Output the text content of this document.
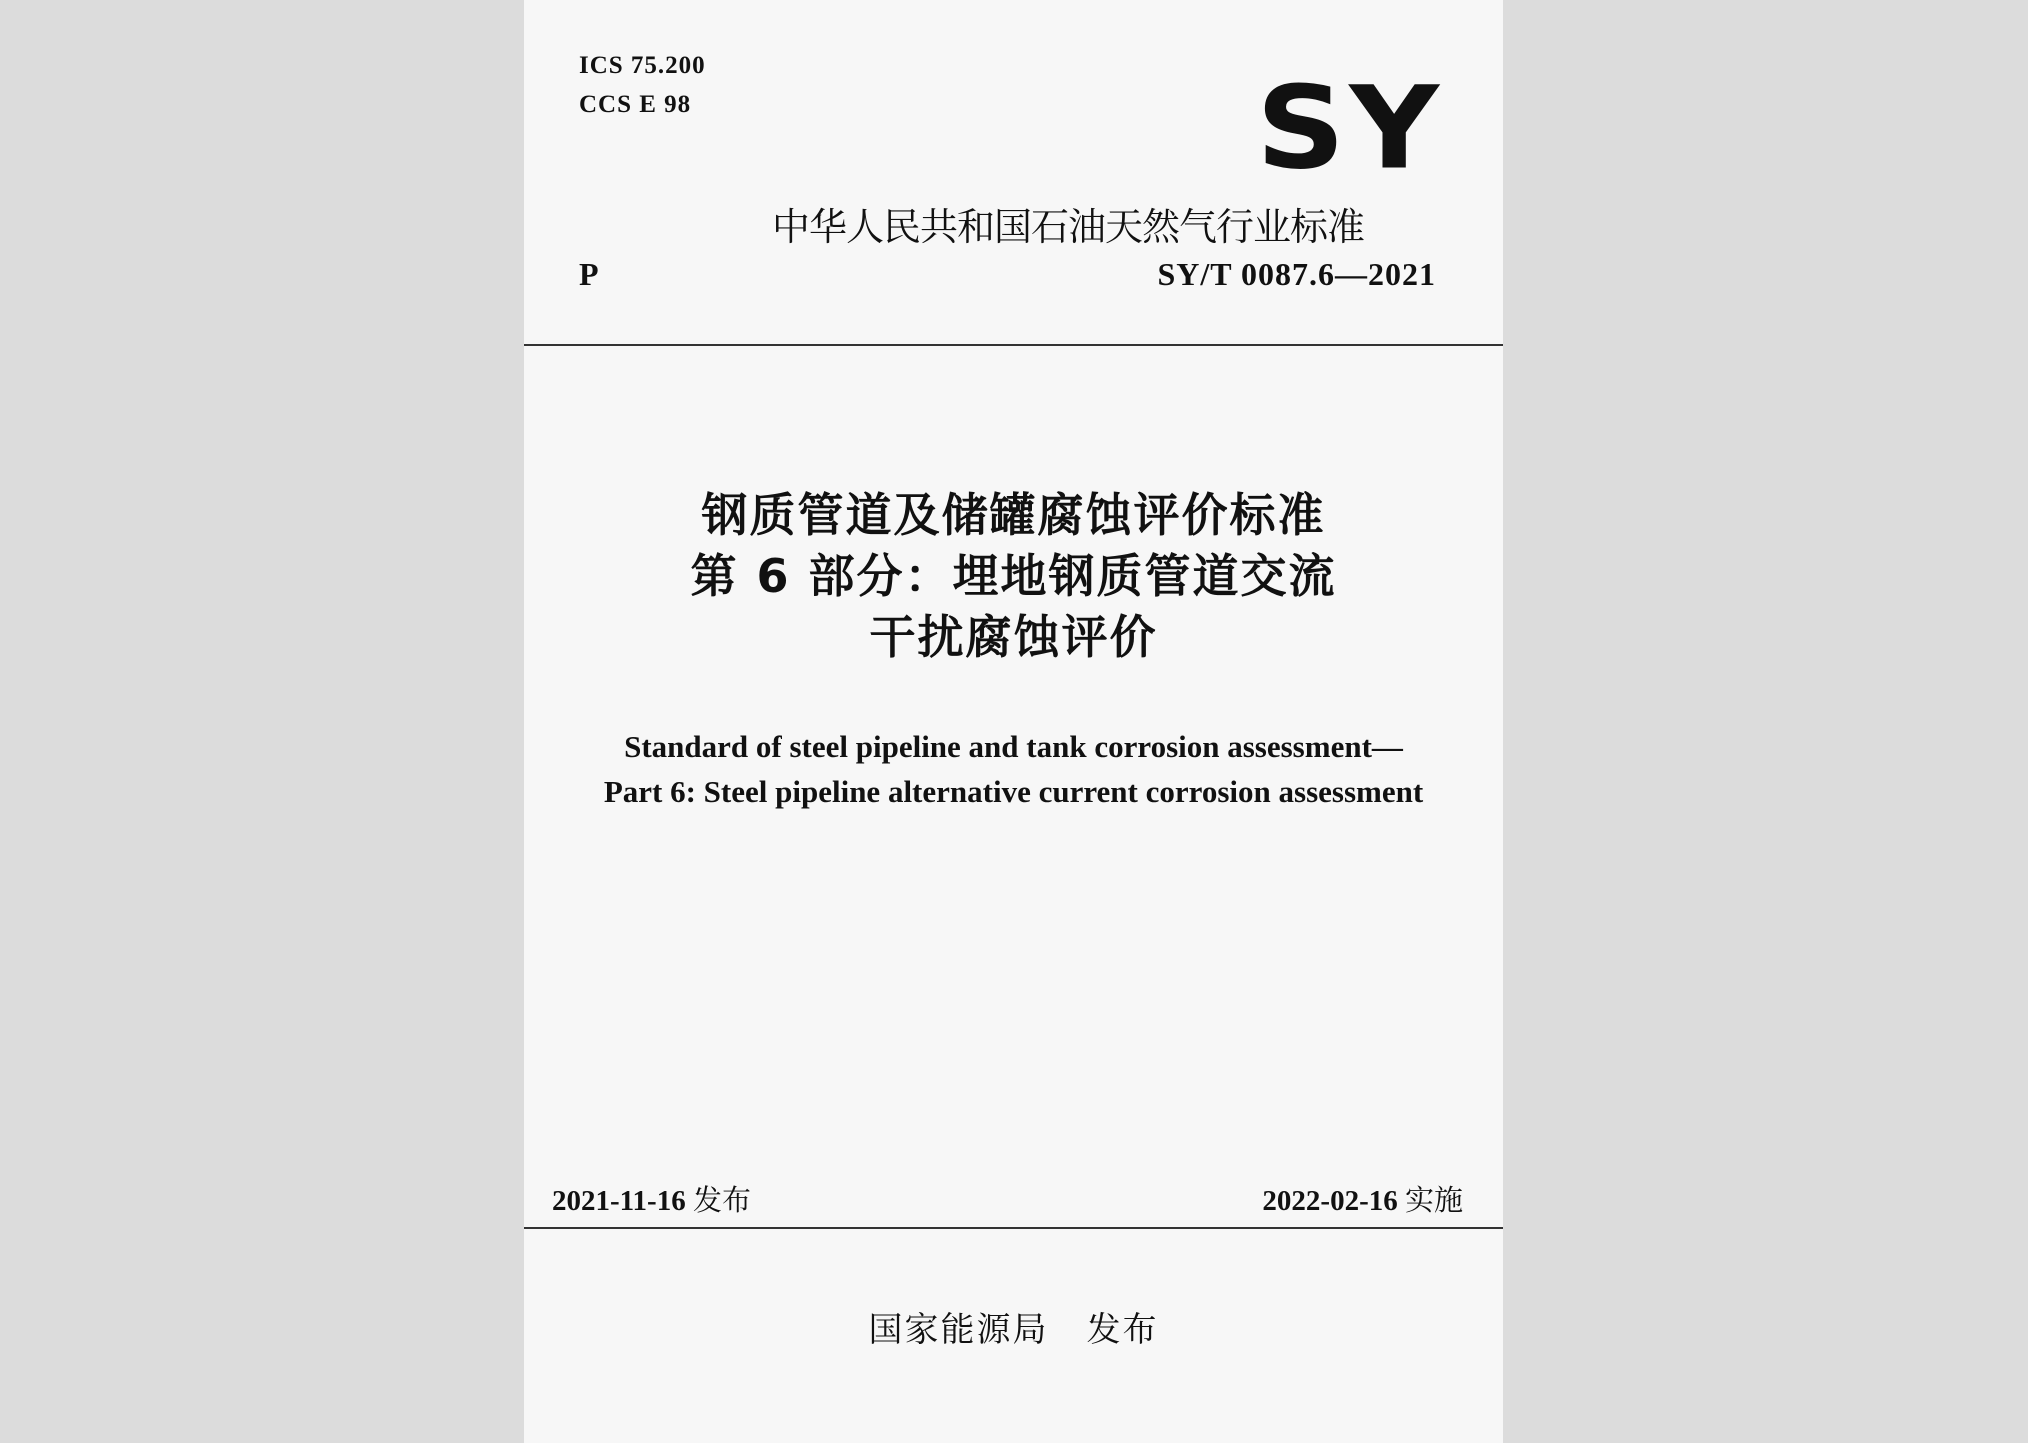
ICS 75.200
CCS E 98	SY
中华人民共和国石油天然气行业标准
P	SY/T 0087.6—2021
钢质管道及储罐腐蚀评价标准
第 6 部分：埋地钢质管道交流
干扰腐蚀评价
Standard of steel pipeline and tank corrosion assessment—
Part 6: Steel pipeline alternative current corrosion assessment
2021-11-16 发布	2022-02-16 实施
国家能源局 发布
